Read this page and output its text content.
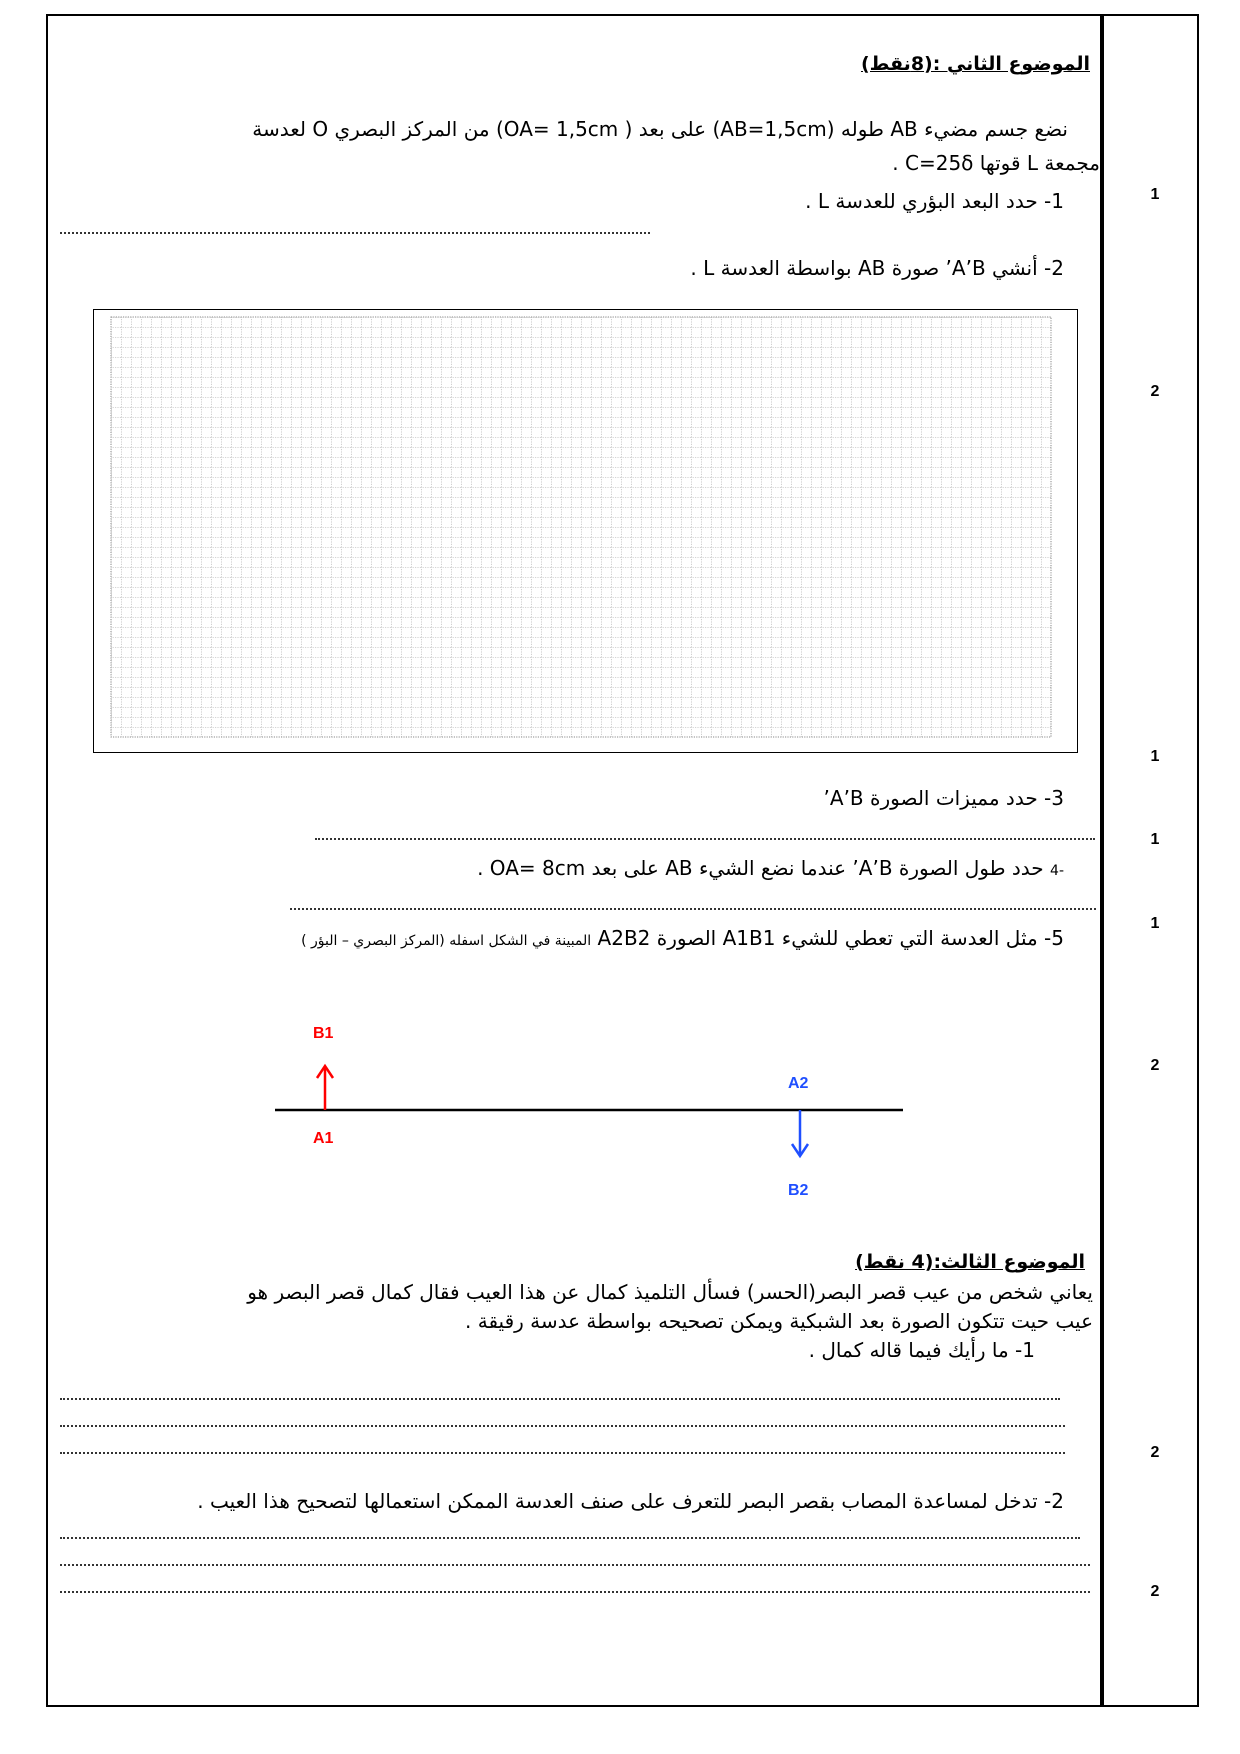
1
2
1
1
1
2
2
2
الموضوع الثاني :(8نقط)
نضع جسم مضيء AB طوله (AB=1,5cm) على بعد ( OA= 1,5cm) من المركز البصري O لعدسة
مجمعة L قوتها C=25δ .
1- حدد البعد البؤري للعدسة L .
2- أنشي A’B’ صورة AB بواسطة العدسة L .
3- حدد مميزات الصورة A’B’
-4 حدد طول الصورة A’B’ عندما نضع الشيء AB على بعد OA= 8cm .
5- مثل العدسة التي تعطي للشيء A1B1 الصورة A2B2 المبينة في الشكل اسفله (المركز البصري – البؤر )
B1
A1
A2
B2
الموضوع الثالث:(4 نقط)
يعاني شخص من عيب قصر البصر(الحسر) فسأل التلميذ كمال عن هذا العيب فقال كمال قصر البصر هو
عيب حيت تتكون الصورة بعد الشبكية ويمكن تصحيحه بواسطة عدسة رقيقة .
1- ما رأيك فيما قاله كمال .
2- تدخل لمساعدة المصاب بقصر البصر للتعرف على صنف العدسة الممكن استعمالها لتصحيح هذا العيب .
